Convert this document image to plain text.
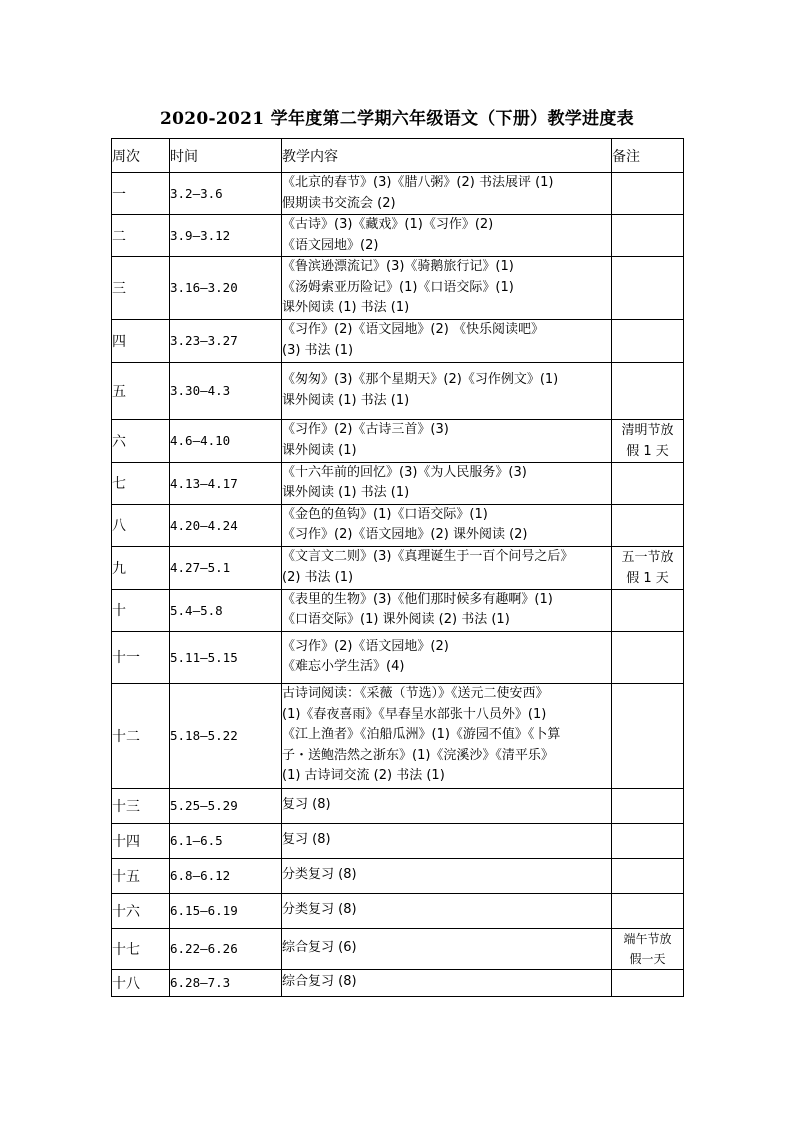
2020-2021 学年度第二学期六年级语文（下册）教学进度表
周次	时间	教学内容	备注
一	3.2—3.6	《北京的春节》(3)《腊八粥》(2) 书法展评 (1)
假期读书交流会 (2)	
二	3.9—3.12	《古诗》(3)《藏戏》(1)《习作》(2)
《语文园地》(2)	
三	3.16—3.20	《鲁滨逊漂流记》(3)《骑鹅旅行记》(1)
《汤姆索亚历险记》(1)《口语交际》(1)
课外阅读 (1) 书法 (1)	
四	3.23—3.27	《习作》(2)《语文园地》(2) 《快乐阅读吧》
(3) 书法 (1)	
五	3.30—4.3	《匆匆》(3)《那个星期天》(2)《习作例文》(1)
课外阅读 (1) 书法 (1)	
六	4.6—4.10	《习作》(2)《古诗三首》(3)
课外阅读 (1)	清明节放
假 1 天
七	4.13—4.17	《十六年前的回忆》(3)《为人民服务》(3)
课外阅读 (1) 书法 (1)	
八	4.20—4.24	《金色的鱼钩》(1)《口语交际》(1)
《习作》(2)《语文园地》(2) 课外阅读 (2)	
九	4.27—5.1	《文言文二则》(3)《真理诞生于一百个问号之后》
(2) 书法 (1)	五一节放
假 1 天
十	5.4—5.8	《表里的生物》(3)《他们那时候多有趣啊》(1)
《口语交际》(1) 课外阅读 (2) 书法 (1)	
十一	5.11—5.15	《习作》(2)《语文园地》(2)
《难忘小学生活》(4)	
十二	5.18—5.22	古诗词阅读：《采薇（节选）》《送元二使安西》
(1)《春夜喜雨》《早春呈水部张十八员外》(1)
《江上渔者》《泊船瓜洲》(1)《游园不值》《卜算
子・送鲍浩然之浙东》(1)《浣溪沙》《清平乐》
(1) 古诗词交流 (2) 书法 (1)	
十三	5.25—5.29	复习 (8)	
十四	6.1—6.5	复习 (8)	
十五	6.8—6.12	分类复习 (8)	
十六	6.15—6.19	分类复习 (8)	
十七	6.22—6.26	综合复习 (6)	端午节放
假一天
十八	6.28—7.3	综合复习 (8)	
